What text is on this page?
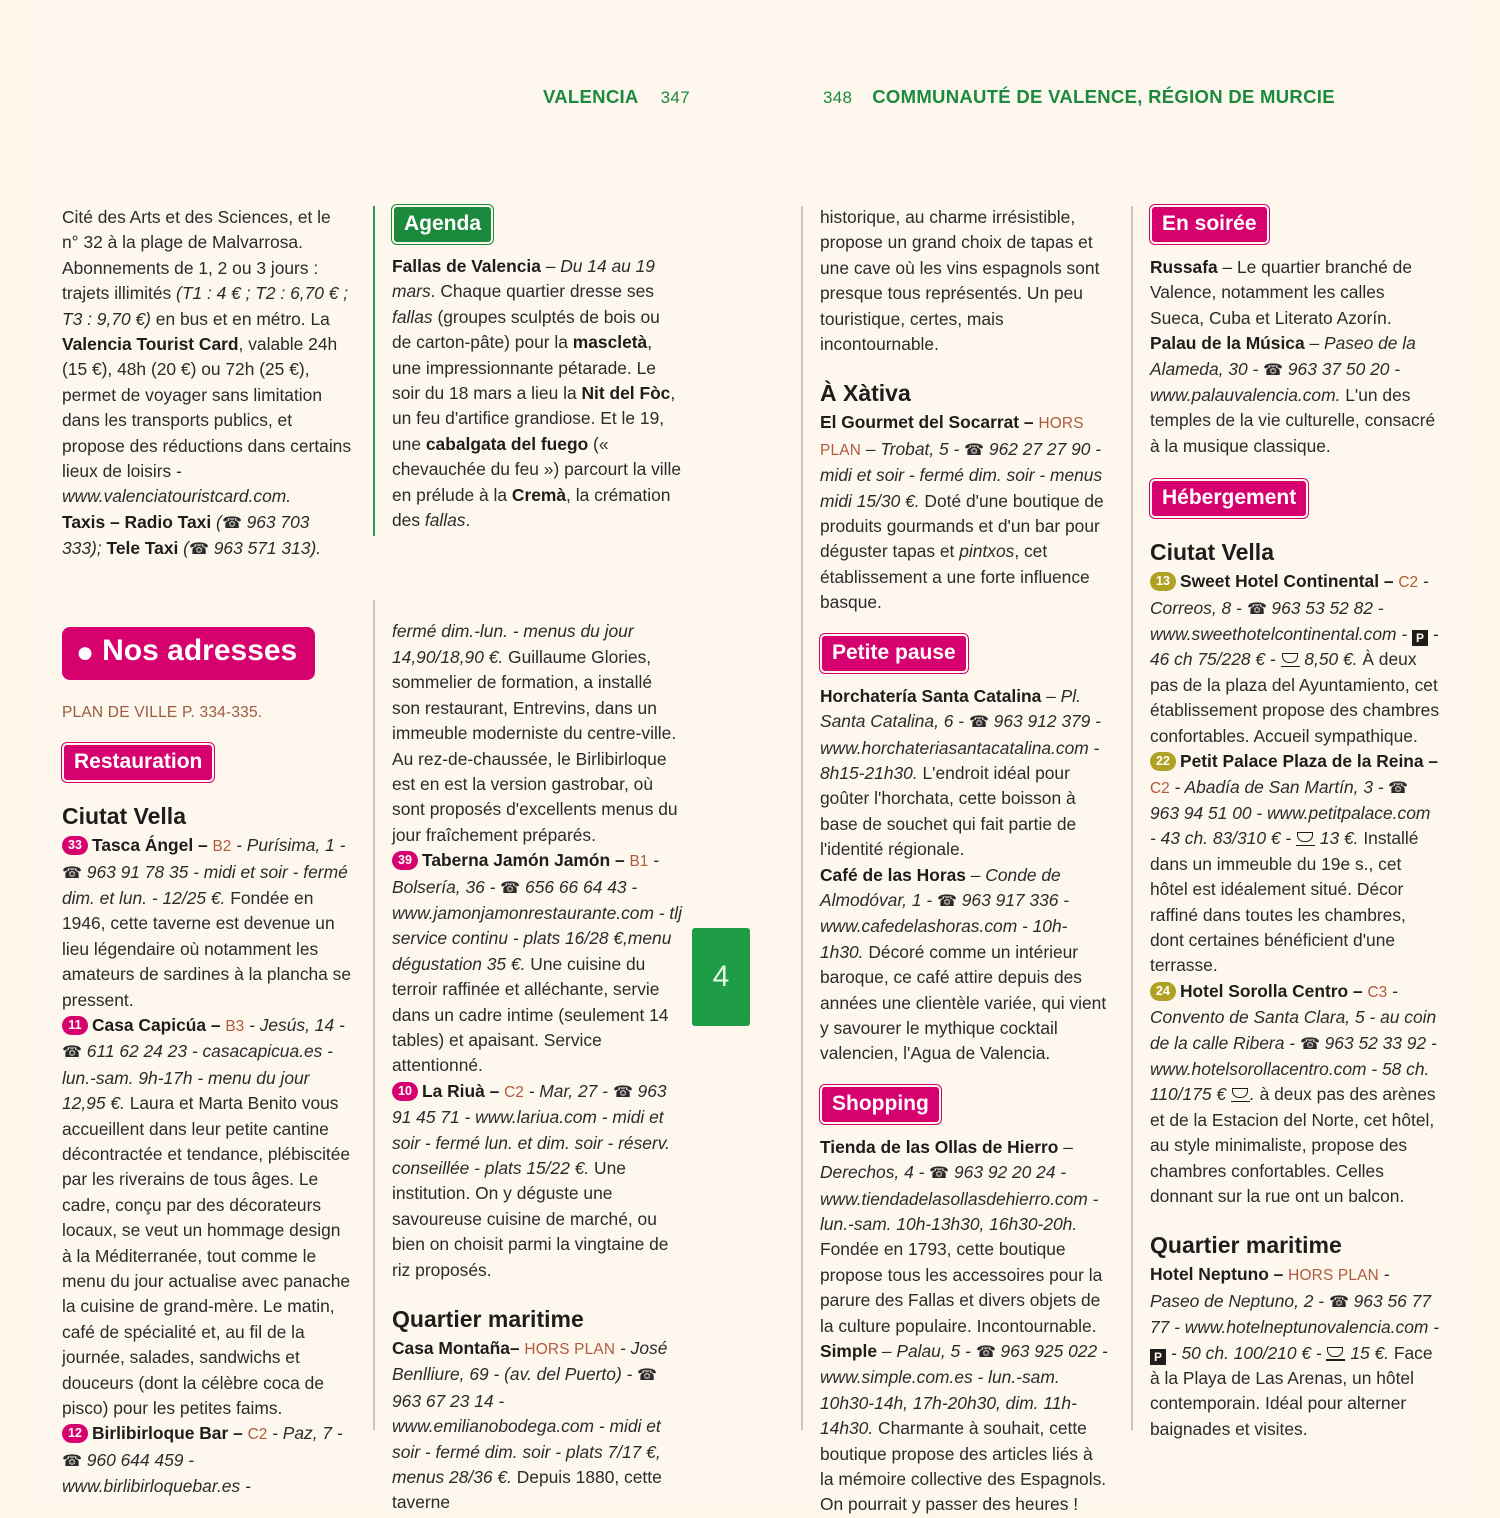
VALENCIA 347	348 COMMUNAUTÉ DE VALENCE, RÉGION DE MURCIE
4

Cité des Arts et des Sciences, et le n° 32 à la plage de Malvarrosa. Abonnements de 1, 2 ou 3 jours : trajets illimités (T1 : 4 € ; T2 : 6,70 € ; T3 : 9,70 €) en bus et en métro. La Valencia Tourist Card, valable 24h (15 €), 48h (20 €) ou 72h (25 €), permet de voyager sans limitation dans les transports publics, et propose des réductions dans certains lieux de loisirs - www.valenciatouristcard.com.

Taxis – Radio Taxi (☎ 963 703 333); Tele Taxi (☎ 963 571 313).

● Nos adresses
PLAN DE VILLE P. 334-335.
Restauration
Ciutat Vella

33 Tasca Ángel – B2 - Purísima, 1 - ☎ 963 91 78 35 - midi et soir - fermé dim. et lun. - 12/25 €. Fondée en 1946, cette taverne est devenue un lieu légendaire où notamment les amateurs de sardines à la plancha se pressent.

11 Casa Capicúa – B3 - Jesús, 14 - ☎ 611 62 24 23 - casacapicua.es - lun.-sam. 9h-17h - menu du jour 12,95 €. Laura et Marta Benito vous accueillent dans leur petite cantine décontractée et tendance, plébiscitée par les riverains de tous âges. Le cadre, conçu par des décorateurs locaux, se veut un hommage design à la Méditerranée, tout comme le menu du jour actualise avec panache la cuisine de grand-mère. Le matin, café de spécialité et, au fil de la journée, salades, sandwichs et douceurs (dont la célèbre coca de pisco) pour les petites faims.

12 Birlibirloque Bar – C2 - Paz, 7 - ☎ 960 644 459 - www.birlibirloquebar.es -

Agenda

Fallas de Valencia – Du 14 au 19 mars. Chaque quartier dresse ses fallas (groupes sculptés de bois ou de carton-pâte) pour la mascletà, une impressionnante pétarade. Le soir du 18 mars a lieu la Nit del Fòc, un feu d'artifice grandiose. Et le 19, une cabalgata del fuego (« chevauchée du feu ») parcourt la ville en prélude à la Cremà, la crémation des fallas.

fermé dim.-lun. - menus du jour 14,90/18,90 €. Guillaume Glories, sommelier de formation, a installé son restaurant, Entrevins, dans un immeuble moderniste du centre-ville. Au rez-de-chaussée, le Birlibirloque est en est la version gastrobar, où sont proposés d'excellents menus du jour fraîchement préparés.

39 Taberna Jamón Jamón – B1 - Bolsería, 36 - ☎ 656 66 64 43 - www.jamonjamonrestaurante.com - tlj service continu - plats 16/28 €,menu dégustation 35 €. Une cuisine du terroir raffinée et alléchante, servie dans un cadre intime (seulement 14 tables) et apaisant. Service attentionné.

10 La Riuà – C2 - Mar, 27 - ☎ 963 91 45 71 - www.lariua.com - midi et soir - fermé lun. et dim. soir - réserv. conseillée - plats 15/22 €. Une institution. On y déguste une savoureuse cuisine de marché, ou bien on choisit parmi la vingtaine de riz proposés.

Quartier maritime

Casa Montaña– HORS PLAN - José Benlliure, 69 - (av. del Puerto) - ☎ 963 67 23 14 - www.emilianobodega.com - midi et soir - fermé dim. soir - plats 7/17 €, menus 28/36 €. Depuis 1880, cette taverne

historique, au charme irrésistible, propose un grand choix de tapas et une cave où les vins espagnols sont presque tous représentés. Un peu touristique, certes, mais incontournable.

À Xàtiva

El Gourmet del Socarrat – HORS PLAN – Trobat, 5 - ☎ 962 27 27 90 - midi et soir - fermé dim. soir - menus midi 15/30 €. Doté d'une boutique de produits gourmands et d'un bar pour déguster tapas et pintxos, cet établissement a une forte influence basque.

Petite pause

Horchatería Santa Catalina – Pl. Santa Catalina, 6 - ☎ 963 912 379 - www.horchateriasantacatalina.com - 8h15-21h30. L'endroit idéal pour goûter l'horchata, cette boisson à base de souchet qui fait partie de l'identité régionale.

Café de las Horas – Conde de Almodóvar, 1 - ☎ 963 917 336 - www.cafedelashoras.com - 10h-1h30. Décoré comme un intérieur baroque, ce café attire depuis des années une clientèle variée, qui vient y savourer le mythique cocktail valencien, l'Agua de Valencia.

Shopping

Tienda de las Ollas de Hierro – Derechos, 4 - ☎ 963 92 20 24 - www.tiendadelasollasdehierro.com - lun.-sam. 10h-13h30, 16h30-20h. Fondée en 1793, cette boutique propose tous les accessoires pour la parure des Fallas et divers objets de la culture populaire. Incontournable.

Simple – Palau, 5 - ☎ 963 925 022 - www.simple.com.es - lun.-sam. 10h30-14h, 17h-20h30, dim. 11h-14h30. Charmante à souhait, cette boutique propose des articles liés à la mémoire collective des Espagnols. On pourrait y passer des heures !

En soirée

Russafa – Le quartier branché de Valence, notamment les calles Sueca, Cuba et Literato Azorín.

Palau de la Música – Paseo de la Alameda, 30 - ☎ 963 37 50 20 - www.palauvalencia.com. L'un des temples de la vie culturelle, consacré à la musique classique.

Hébergement
Ciutat Vella

13 Sweet Hotel Continental – C2 - Correos, 8 - ☎ 963 53 52 82 - www.sweethotelcontinental.com - P - 46 ch 75/228 € -  8,50 €. À deux pas de la plaza del Ayuntamiento, cet établissement propose des chambres confortables. Accueil sympathique.

22 Petit Palace Plaza de la Reina – C2 - Abadía de San Martín, 3 - ☎ 963 94 51 00 - www.petitpalace.com - 43 ch. 83/310 € -  13 €. Installé dans un immeuble du 19e s., cet hôtel est idéalement situé. Décor raffiné dans toutes les chambres, dont certaines bénéficient d'une terrasse.

24 Hotel Sorolla Centro – C3 - Convento de Santa Clara, 5 - au coin de la calle Ribera - ☎ 963 52 33 92 - www.hotelsorollacentro.com - 58 ch. 110/175 € . à deux pas des arènes et de la Estacion del Norte, cet hôtel, au style minimaliste, propose des chambres confortables. Celles donnant sur la rue ont un balcon.

Quartier maritime

Hotel Neptuno – HORS PLAN - Paseo de Neptuno, 2 - ☎ 963 56 77 77 - www.hotelneptunovalencia.com - P - 50 ch. 100/210 € -  15 €. Face à la Playa de Las Arenas, un hôtel contemporain. Idéal pour alterner baignades et visites.
